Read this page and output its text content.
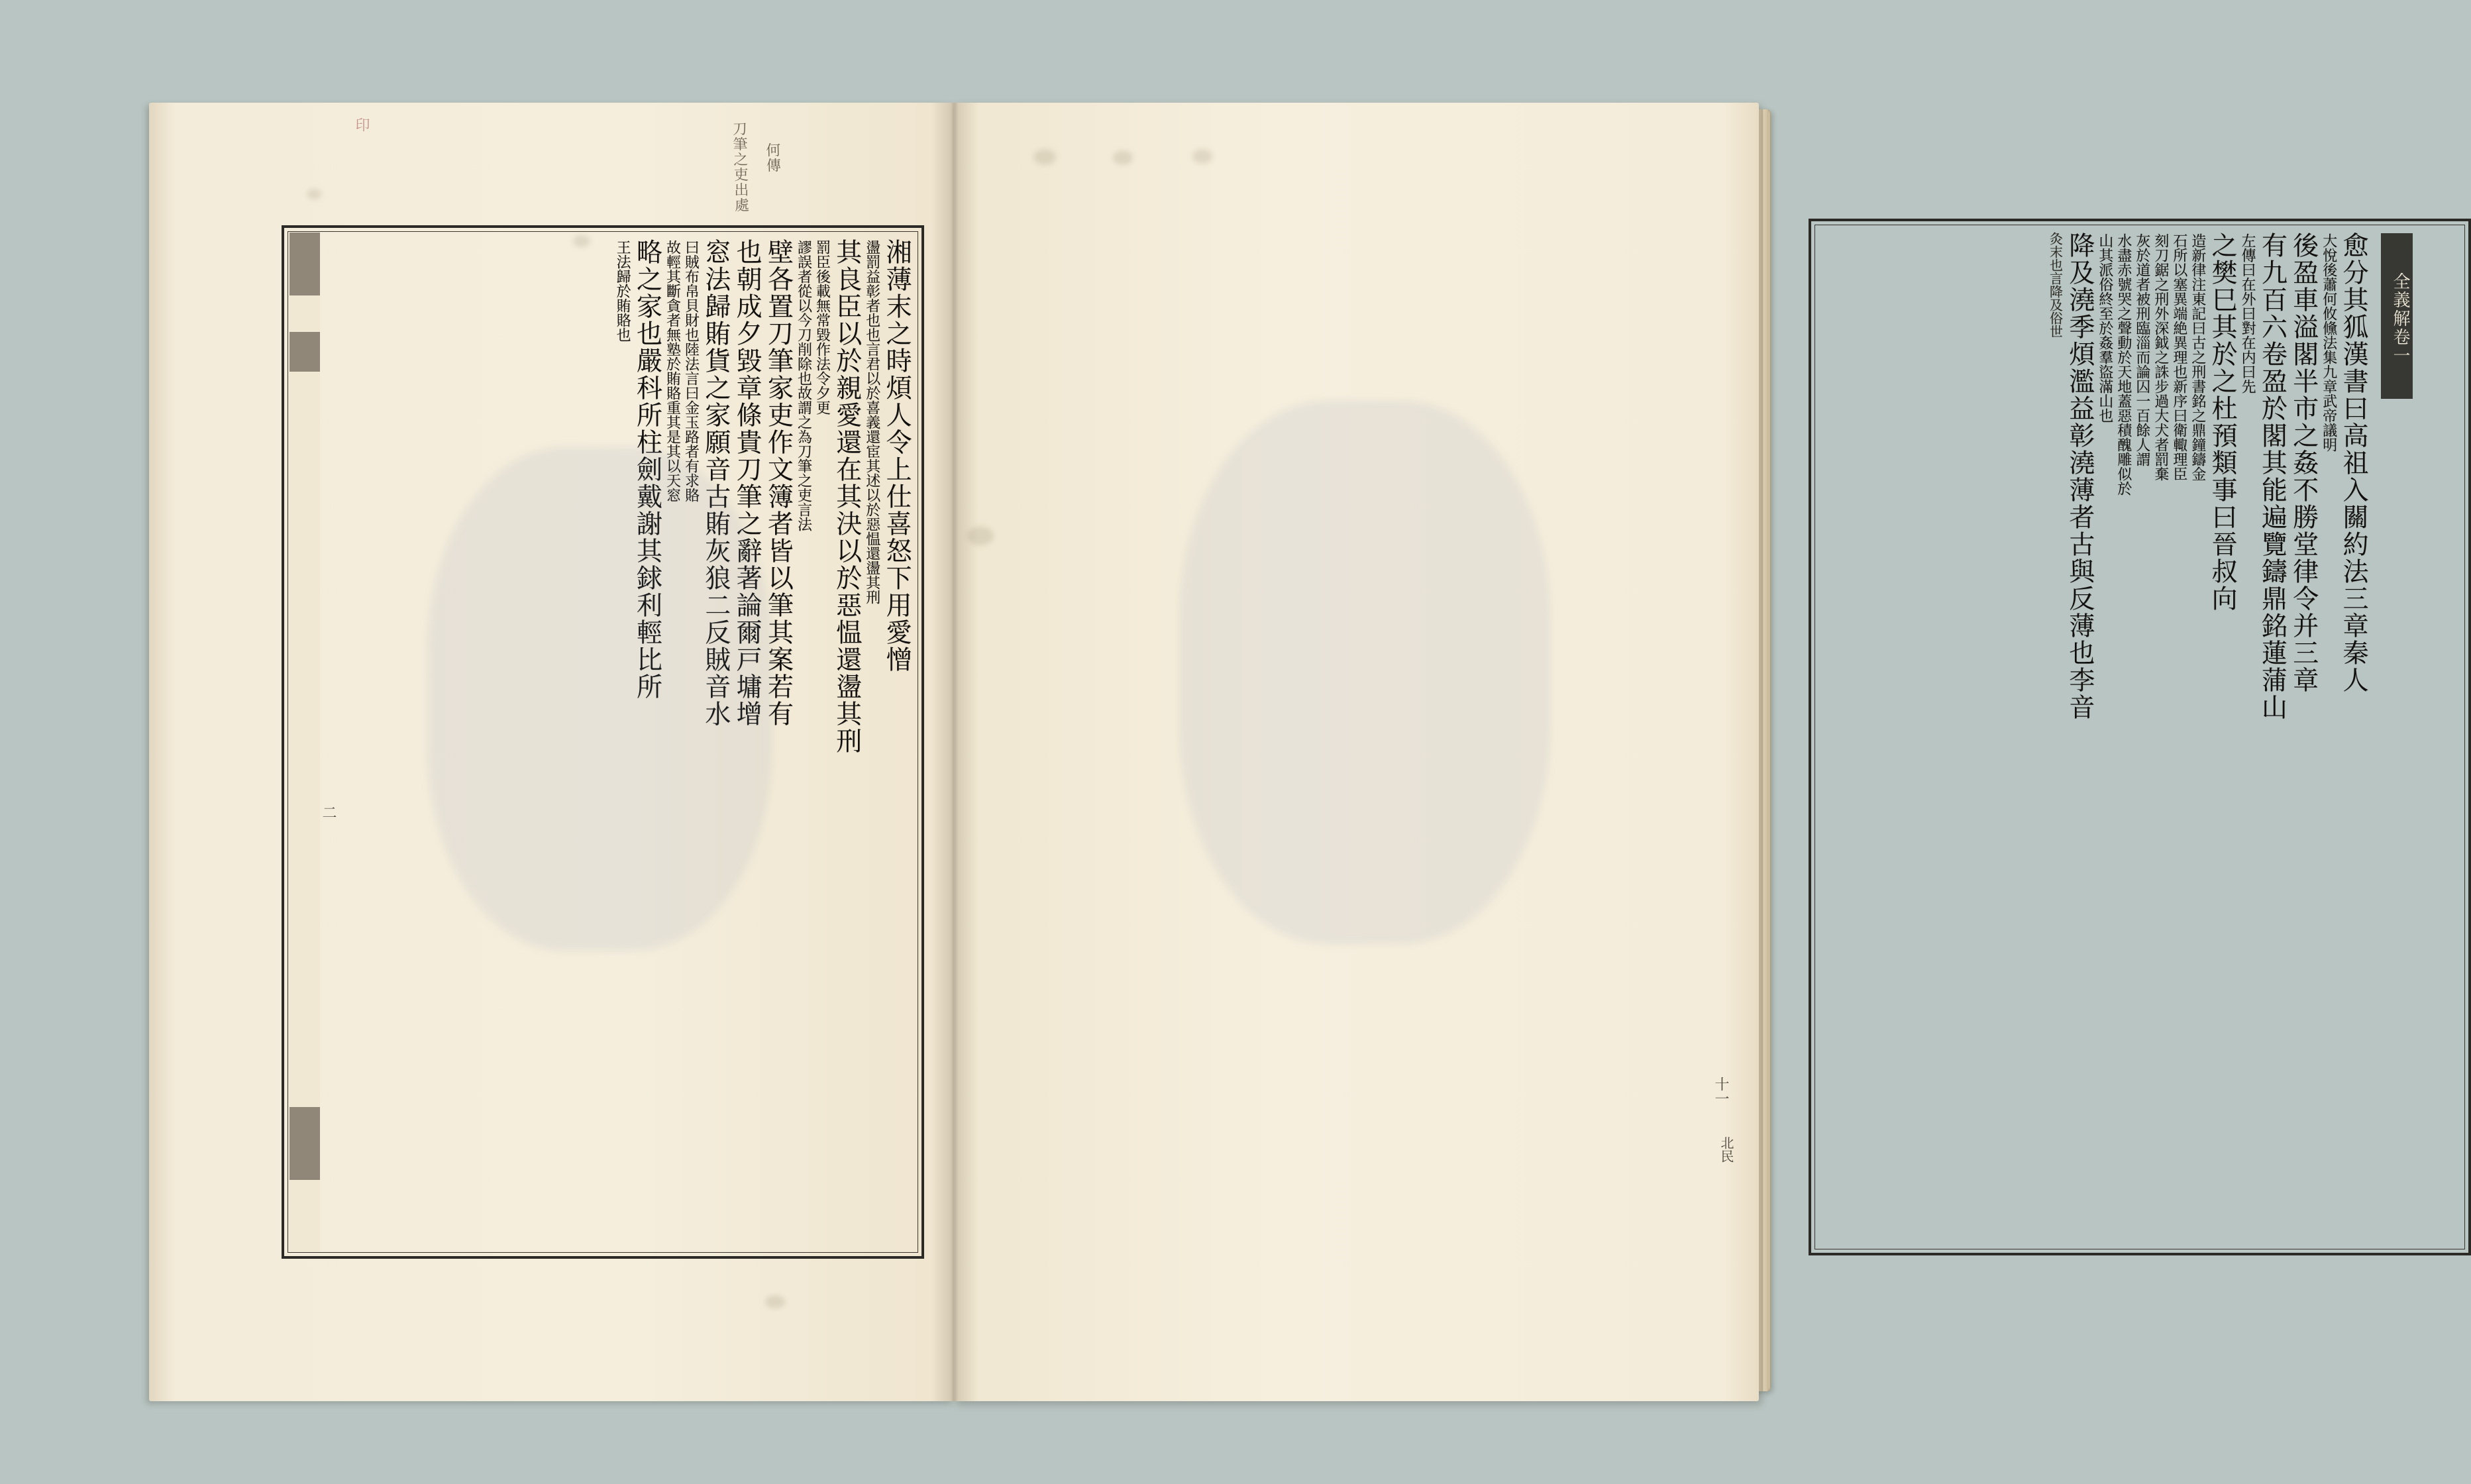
湘薄末之時煩人令上仕喜怒下用愛憎
盪罰益彰者也也言君以於喜義還宦其述以於惡愠還盪其刑
其良臣以於親愛還在其決以於惡愠還盪其刑
罰臣後載無常毀作法令夕更
謬誤者從以今刀削除也故謂之為刀筆之吏言法
壁各置刀筆家吏作文簿者皆以筆其案若有
也朝成夕毀章條貴刀筆之辭著論爾戸墉增
窓法歸賄貨之家願音古賄灰狼二反賊音水
曰賊布帛貝財也陸法言曰金玉路者有求賂
故輕其斷貪者無塾於賄賂重其是其以天窓
略之家也嚴科所柱劍戴謝其銶利輕比所
王法歸於賄賂也
刀筆之吏出處 何傳
印
二
全義解卷一
愈分其狐漢書曰高祖入關約法三章秦人
大悅後蕭何攸儵法集九章武帝議明
後盈車溢閣半市之姦不勝堂律令并三章
有九百六卷盈於閣其能遍覽鑄鼎銘蓮蒲山
左傳曰在外曰對在内曰先
之樊巳其於之杜預類事曰晉叔向
造新律注東記曰古之刑書銘之鼎鐘鑄金
石所以塞異端絶異理也新序曰衛輙理臣
刻刀鋸之刑外深鉞之誅步過大犬者罰棄
灰於道者被刑臨淄而論囚一百餘人謂
水盡赤號哭之聲動於天地蓋惡積醜雕似於
山其派俗終至於姦羣盜滿山也
降及澆季煩濫益彰澆薄者古與反薄也李音
灸末也言降及俗世
十一
北民
